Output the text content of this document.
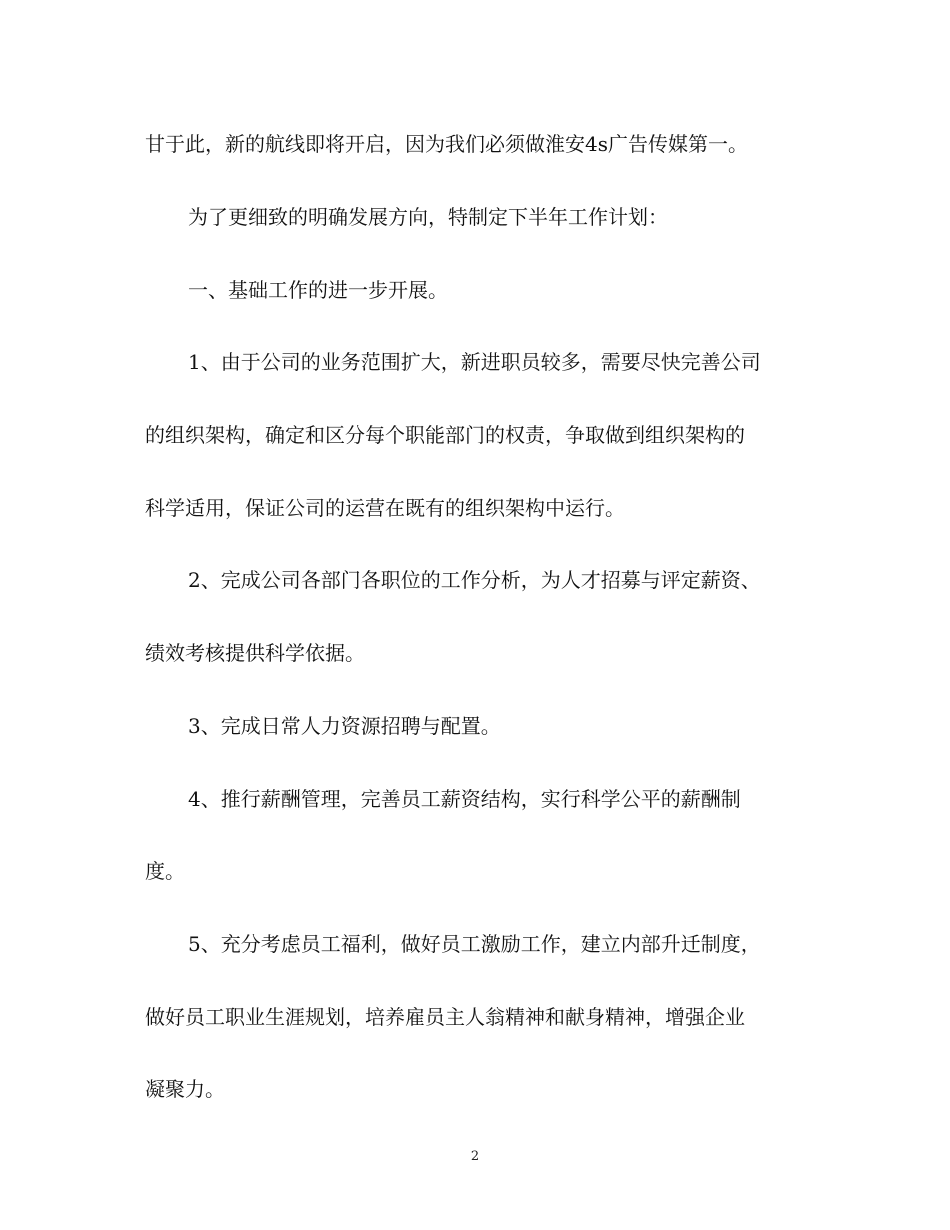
甘于此，新的航线即将开启，因为我们必须做淮安4s广告传媒第一。
为了更细致的明确发展方向，特制定下半年工作计划：
一、基础工作的进一步开展。
1、由于公司的业务范围扩大，新进职员较多，需要尽快完善公司
的组织架构，确定和区分每个职能部门的权责，争取做到组织架构的
科学适用，保证公司的运营在既有的组织架构中运行。
2、完成公司各部门各职位的工作分析，为人才招募与评定薪资、
绩效考核提供科学依据。
3、完成日常人力资源招聘与配置。
4、推行薪酬管理，完善员工薪资结构，实行科学公平的薪酬制
度。
5、充分考虑员工福利，做好员工激励工作，建立内部升迁制度，
做好员工职业生涯规划，培养雇员主人翁精神和献身精神，增强企业
凝聚力。
2
